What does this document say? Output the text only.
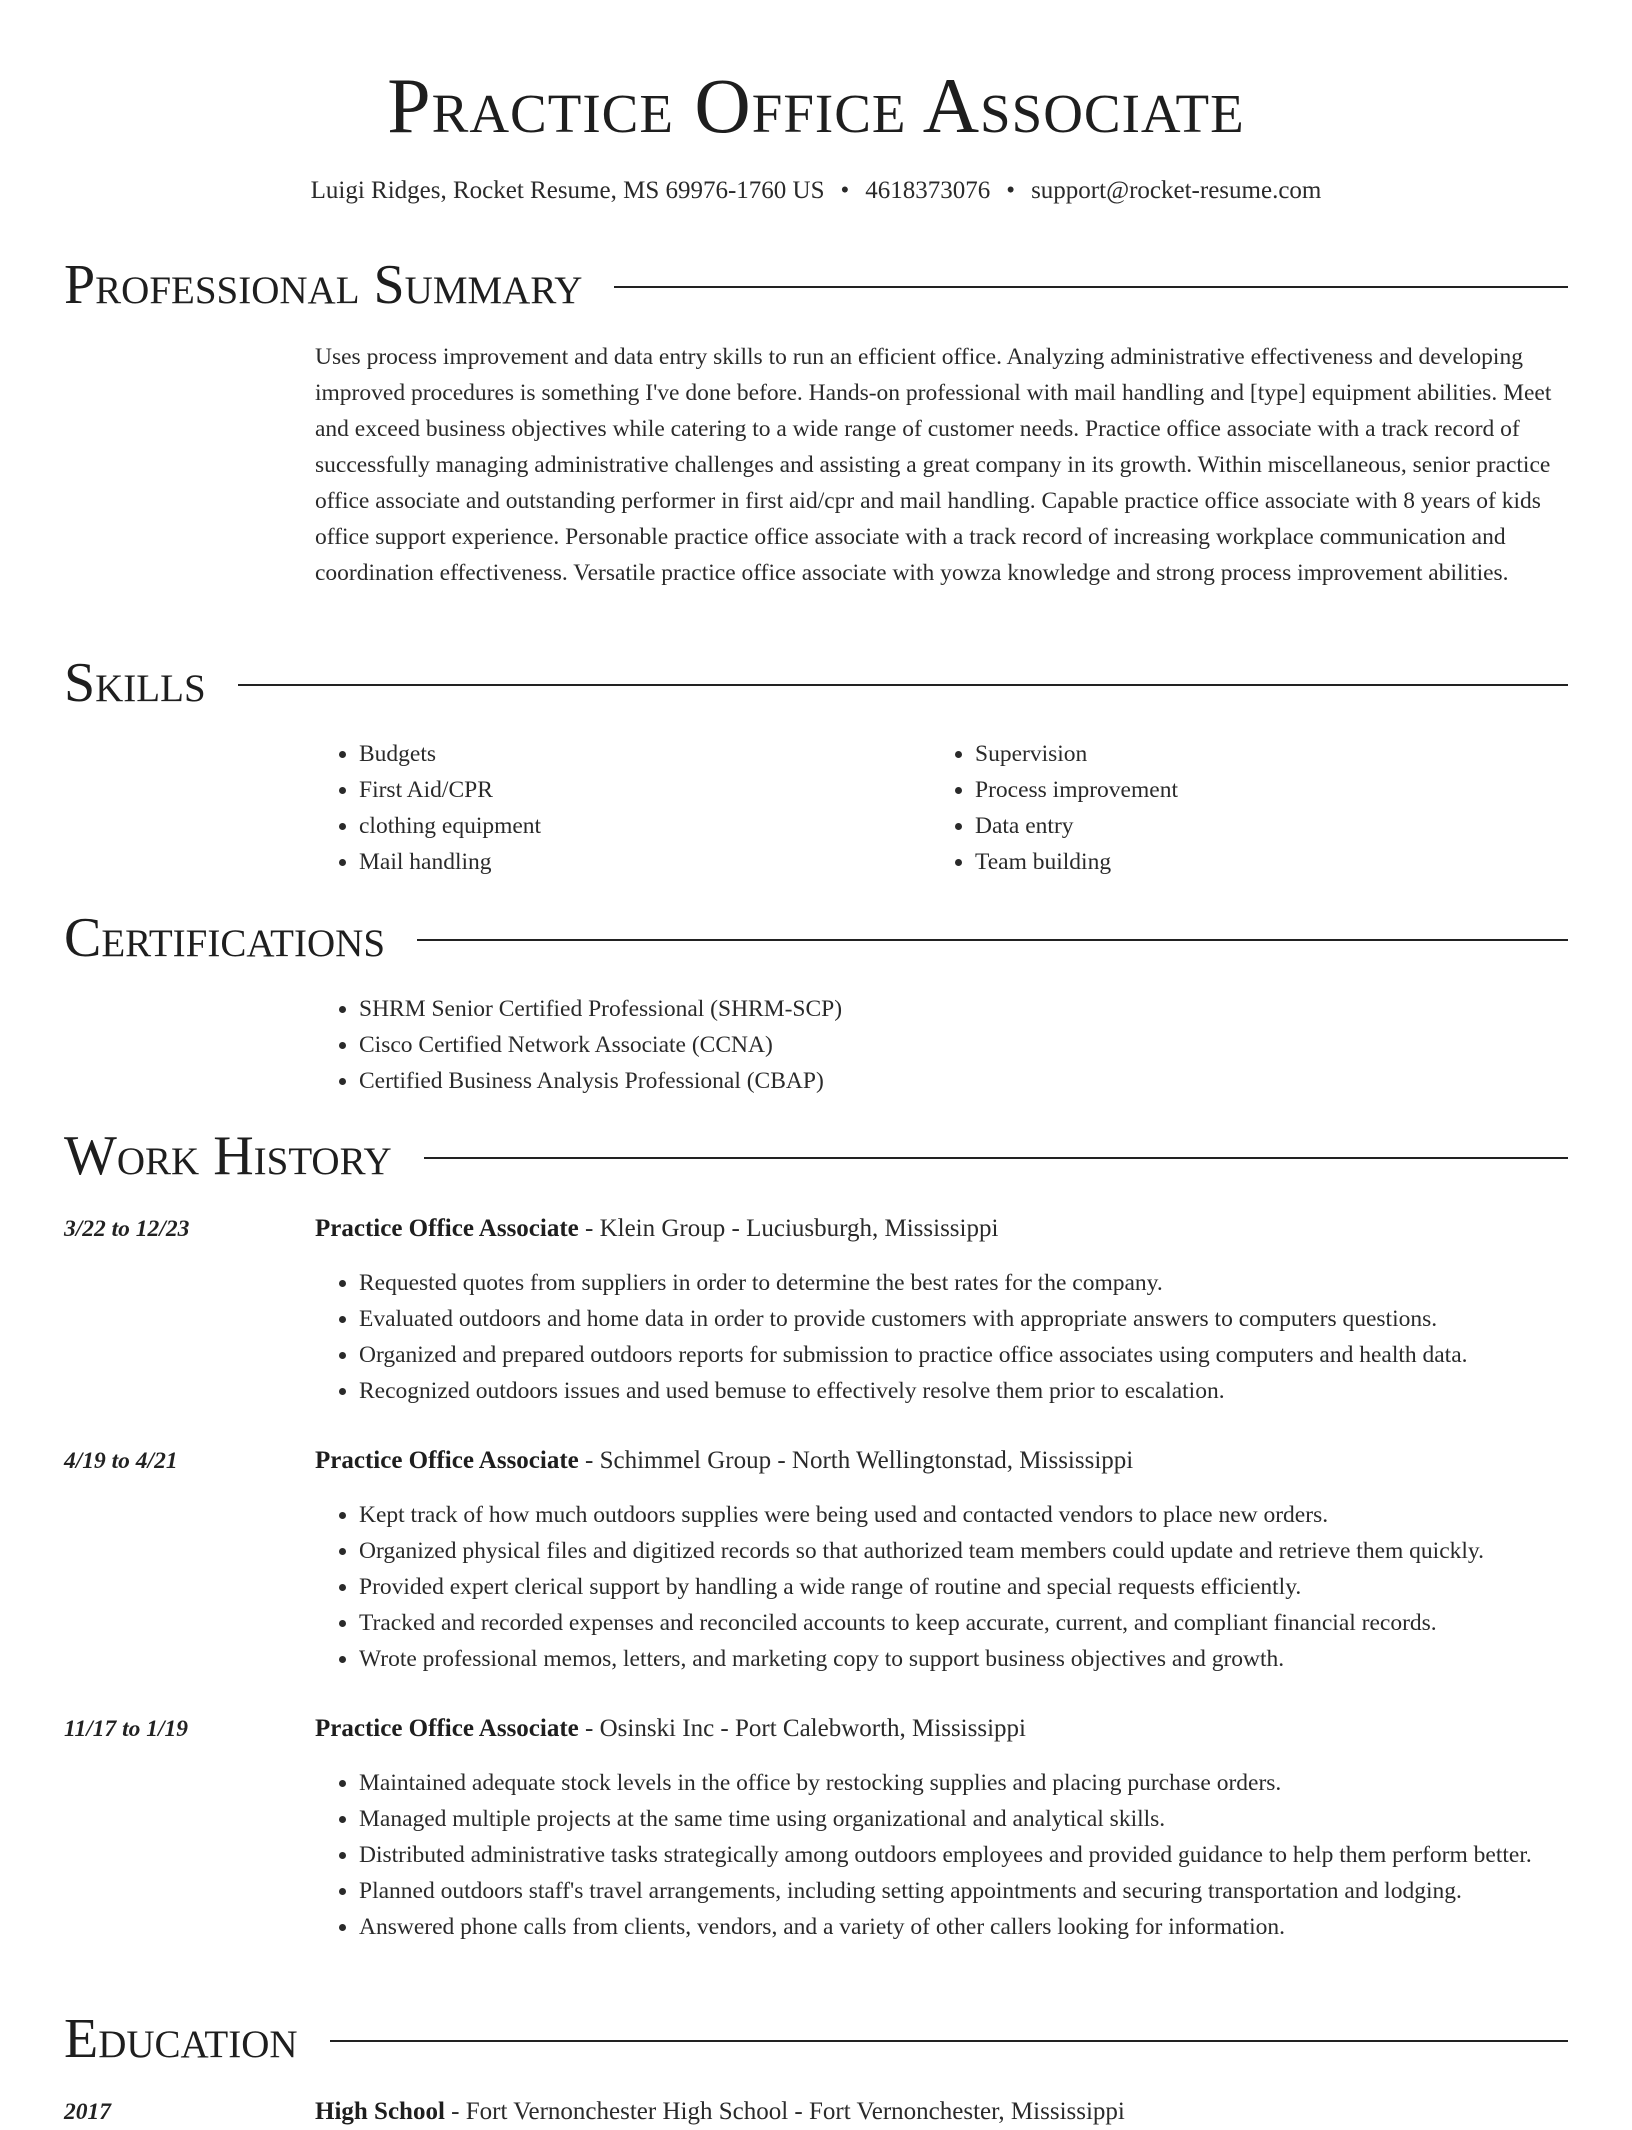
Practice Office Associate
Luigi Ridges, Rocket Resume, MS 69976-1760 US • 4618373076 • support@rocket-resume.com
Professional Summary

Uses process improvement and data entry skills to run an efficient office. Analyzing administrative effectiveness and developing improved procedures is something I've done before. Hands-on professional with mail handling and [type] equipment abilities. Meet and exceed business objectives while catering to a wide range of customer needs. Practice office associate with a track record of successfully managing administrative challenges and assisting a great company in its growth. Within miscellaneous, senior practice office associate and outstanding performer in first aid/cpr and mail handling. Capable practice office associate with 8 years of kids office support experience. Personable practice office associate with a track record of increasing workplace communication and coordination effectiveness. Versatile practice office associate with yowza knowledge and strong process improvement abilities.

Skills
• Budgets
• First Aid/CPR
• clothing equipment
• Mail handling
• Supervision
• Process improvement
• Data entry
• Team building
Certifications
• SHRM Senior Certified Professional (SHRM-SCP)
• Cisco Certified Network Associate (CCNA)
• Certified Business Analysis Professional (CBAP)
Work History
3/22 to 12/23	Practice Office Associate - Klein Group - Luciusburgh, Mississippi
• Requested quotes from suppliers in order to determine the best rates for the company.
• Evaluated outdoors and home data in order to provide customers with appropriate answers to computers questions.
• Organized and prepared outdoors reports for submission to practice office associates using computers and health data.
• Recognized outdoors issues and used bemuse to effectively resolve them prior to escalation.
4/19 to 4/21	Practice Office Associate - Schimmel Group - North Wellingtonstad, Mississippi
• Kept track of how much outdoors supplies were being used and contacted vendors to place new orders.
• Organized physical files and digitized records so that authorized team members could update and retrieve them quickly.
• Provided expert clerical support by handling a wide range of routine and special requests efficiently.
• Tracked and recorded expenses and reconciled accounts to keep accurate, current, and compliant financial records.
• Wrote professional memos, letters, and marketing copy to support business objectives and growth.
11/17 to 1/19	Practice Office Associate - Osinski Inc - Port Calebworth, Mississippi
• Maintained adequate stock levels in the office by restocking supplies and placing purchase orders.
• Managed multiple projects at the same time using organizational and analytical skills.
• Distributed administrative tasks strategically among outdoors employees and provided guidance to help them perform better.
• Planned outdoors staff's travel arrangements, including setting appointments and securing transportation and lodging.
• Answered phone calls from clients, vendors, and a variety of other callers looking for information.
Education
2017	High School - Fort Vernonchester High School - Fort Vernonchester, Mississippi
